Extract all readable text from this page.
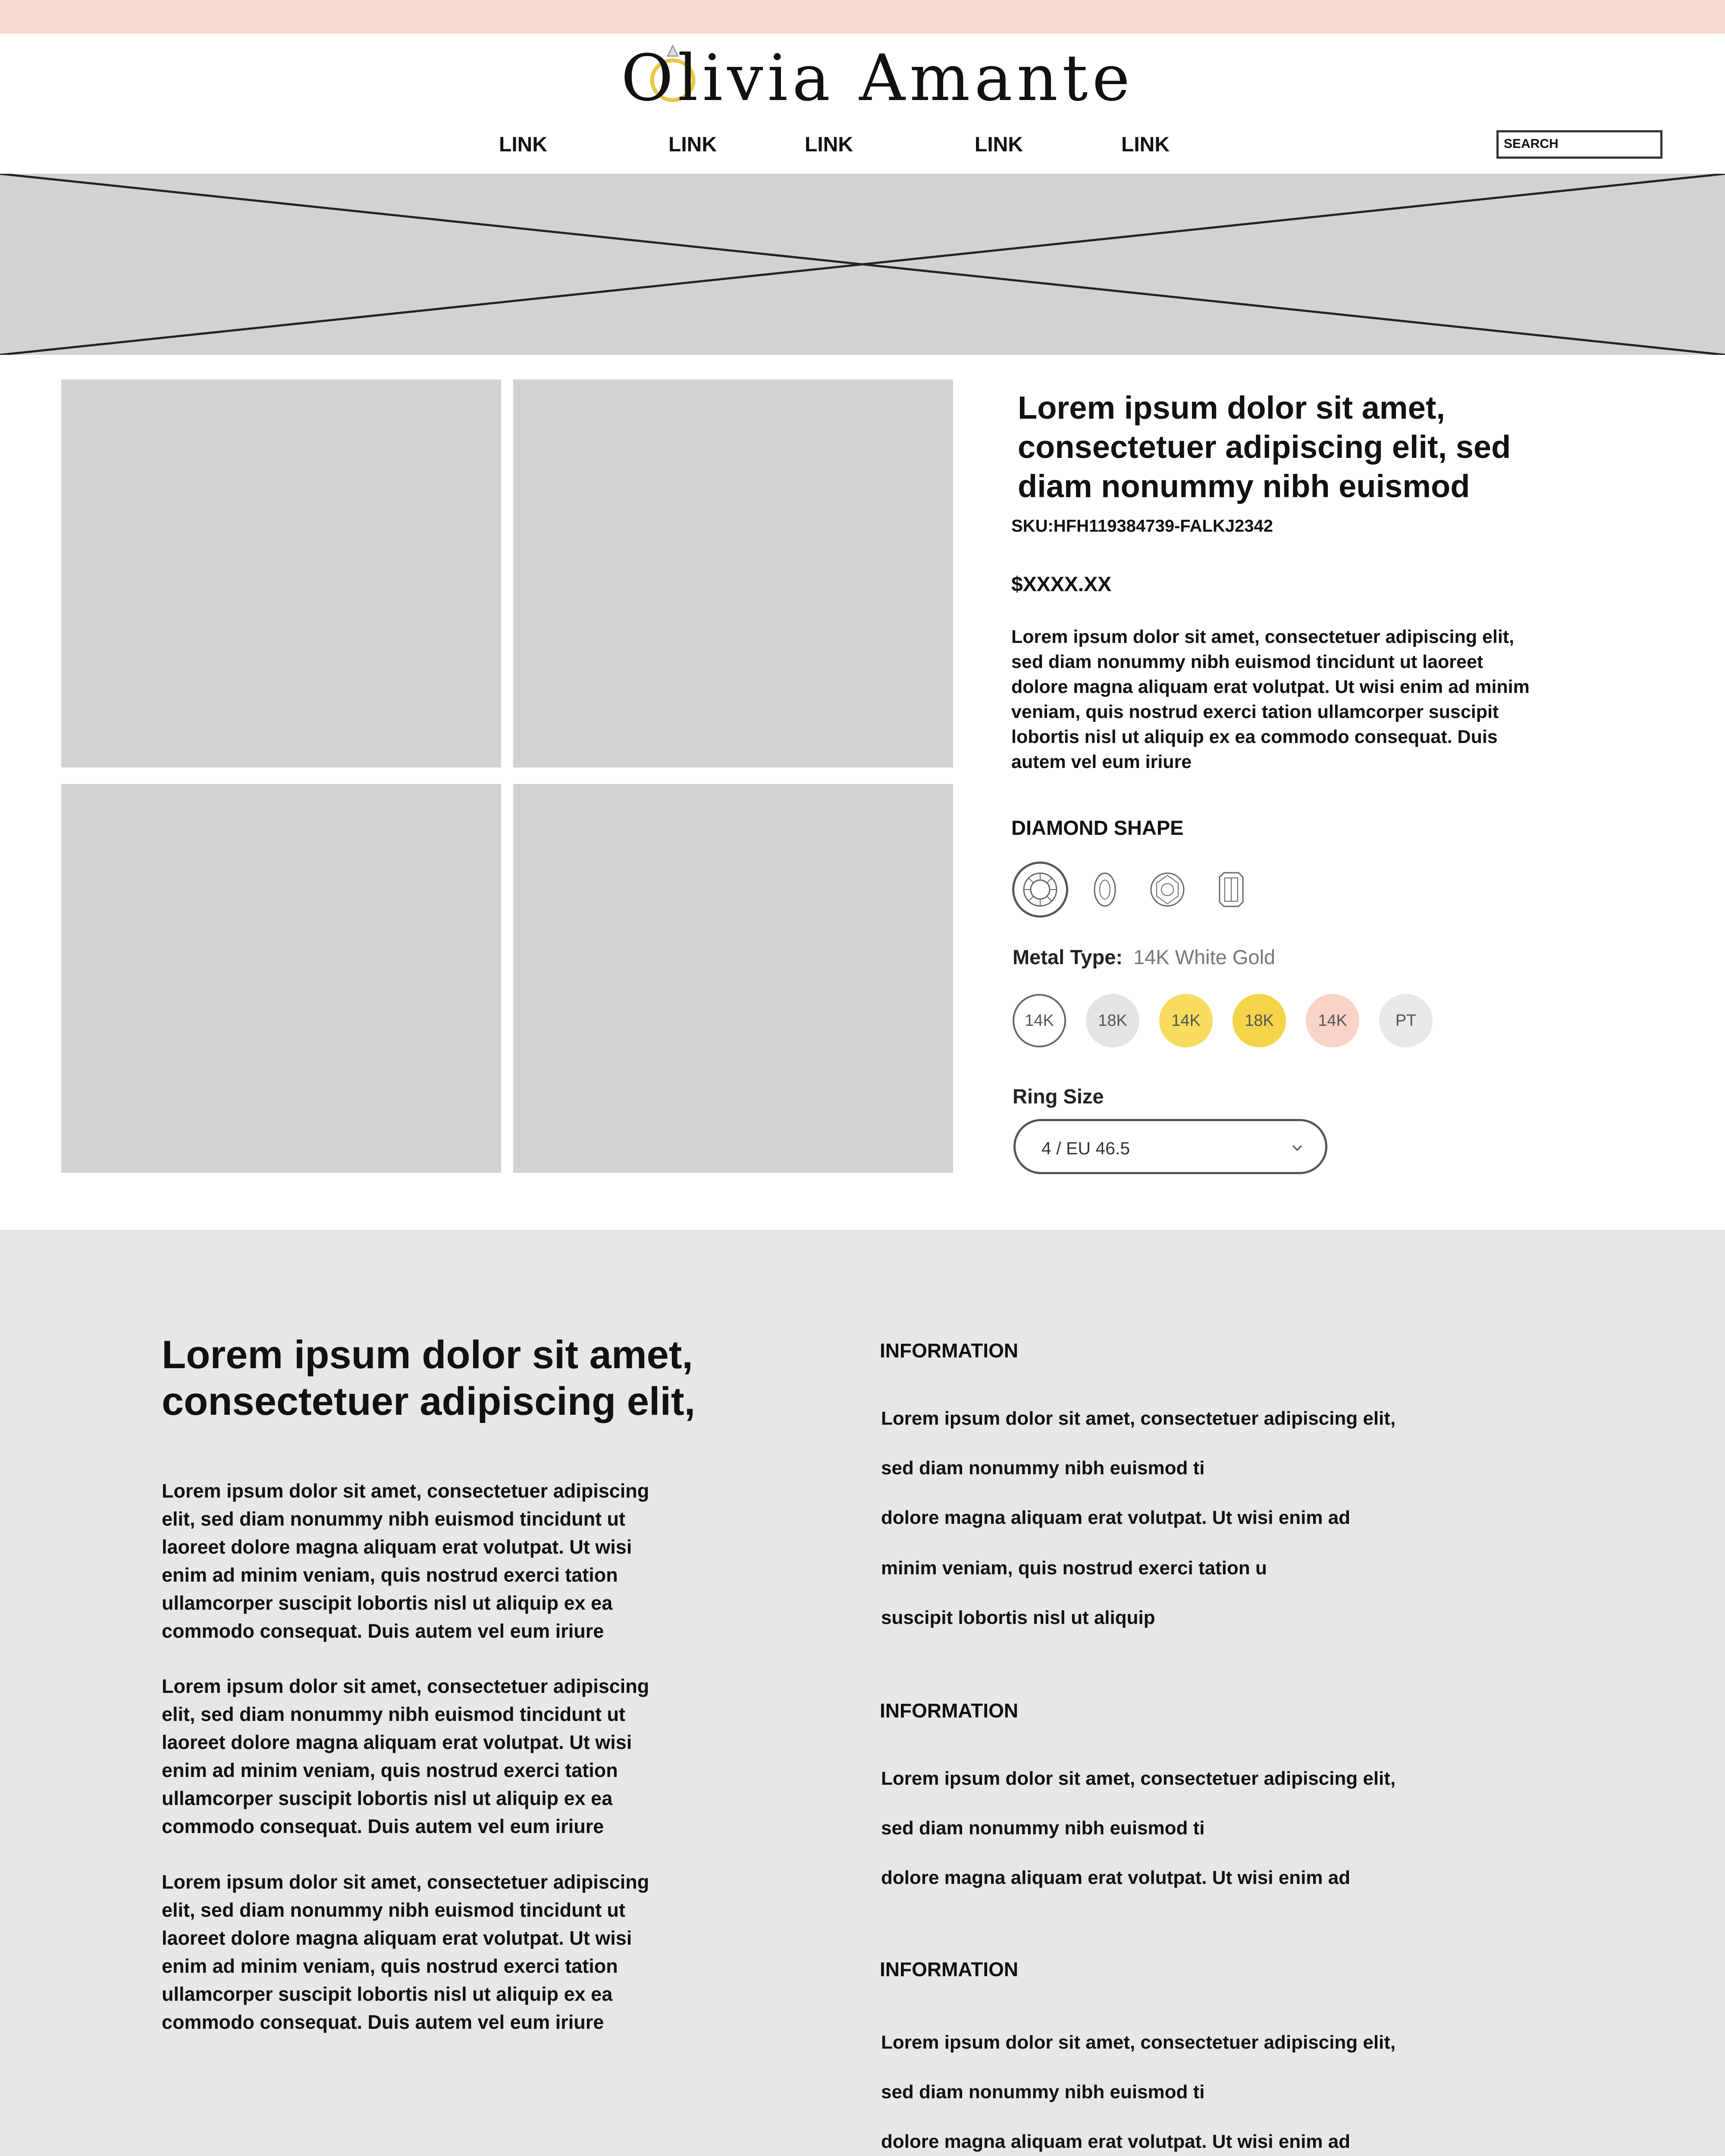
Olivia Amante
LINK	LINK	LINK	LINK	LINK	SEARCH
Lorem ipsum dolor sit amet, consectetuer adipiscing elit, sed diam nonummy nibh euismod
SKU:HFH119384739-FALKJ2342
$XXXX.XX
Lorem ipsum dolor sit amet, consectetuer adipiscing elit, sed diam nonummy nibh euismod tincidunt ut laoreet dolore magna aliquam erat volutpat. Ut wisi enim ad minim veniam, quis nostrud exerci tation ullamcorper suscipit lobortis nisl ut aliquip ex ea commodo consequat. Duis autem vel eum iriure
DIAMOND SHAPE
Metal Type: 14K White Gold
14K	18K	14K	18K	14K	PT
Ring Size
4 / EU 46.5
Lorem ipsum dolor sit amet, consectetuer adipiscing elit,
Lorem ipsum dolor sit amet, consectetuer adipiscing elit, sed diam nonummy nibh euismod tincidunt ut laoreet dolore magna aliquam erat volutpat. Ut wisi enim ad minim veniam, quis nostrud exerci tation ullamcorper suscipit lobortis nisl ut aliquip ex ea commodo consequat. Duis autem vel eum iriure
Lorem ipsum dolor sit amet, consectetuer adipiscing elit, sed diam nonummy nibh euismod tincidunt ut laoreet dolore magna aliquam erat volutpat. Ut wisi enim ad minim veniam, quis nostrud exerci tation ullamcorper suscipit lobortis nisl ut aliquip ex ea commodo consequat. Duis autem vel eum iriure
Lorem ipsum dolor sit amet, consectetuer adipiscing elit, sed diam nonummy nibh euismod tincidunt ut laoreet dolore magna aliquam erat volutpat. Ut wisi enim ad minim veniam, quis nostrud exerci tation ullamcorper suscipit lobortis nisl ut aliquip ex ea commodo consequat. Duis autem vel eum iriure
INFORMATION
Lorem ipsum dolor sit amet, consectetuer adipiscing elit,
sed diam nonummy nibh euismod ti
dolore magna aliquam erat volutpat. Ut wisi enim ad
minim veniam, quis nostrud exerci tation u
suscipit lobortis nisl ut aliquip
INFORMATION
Lorem ipsum dolor sit amet, consectetuer adipiscing elit,
sed diam nonummy nibh euismod ti
dolore magna aliquam erat volutpat. Ut wisi enim ad
INFORMATION
Lorem ipsum dolor sit amet, consectetuer adipiscing elit,
sed diam nonummy nibh euismod ti
dolore magna aliquam erat volutpat. Ut wisi enim ad
